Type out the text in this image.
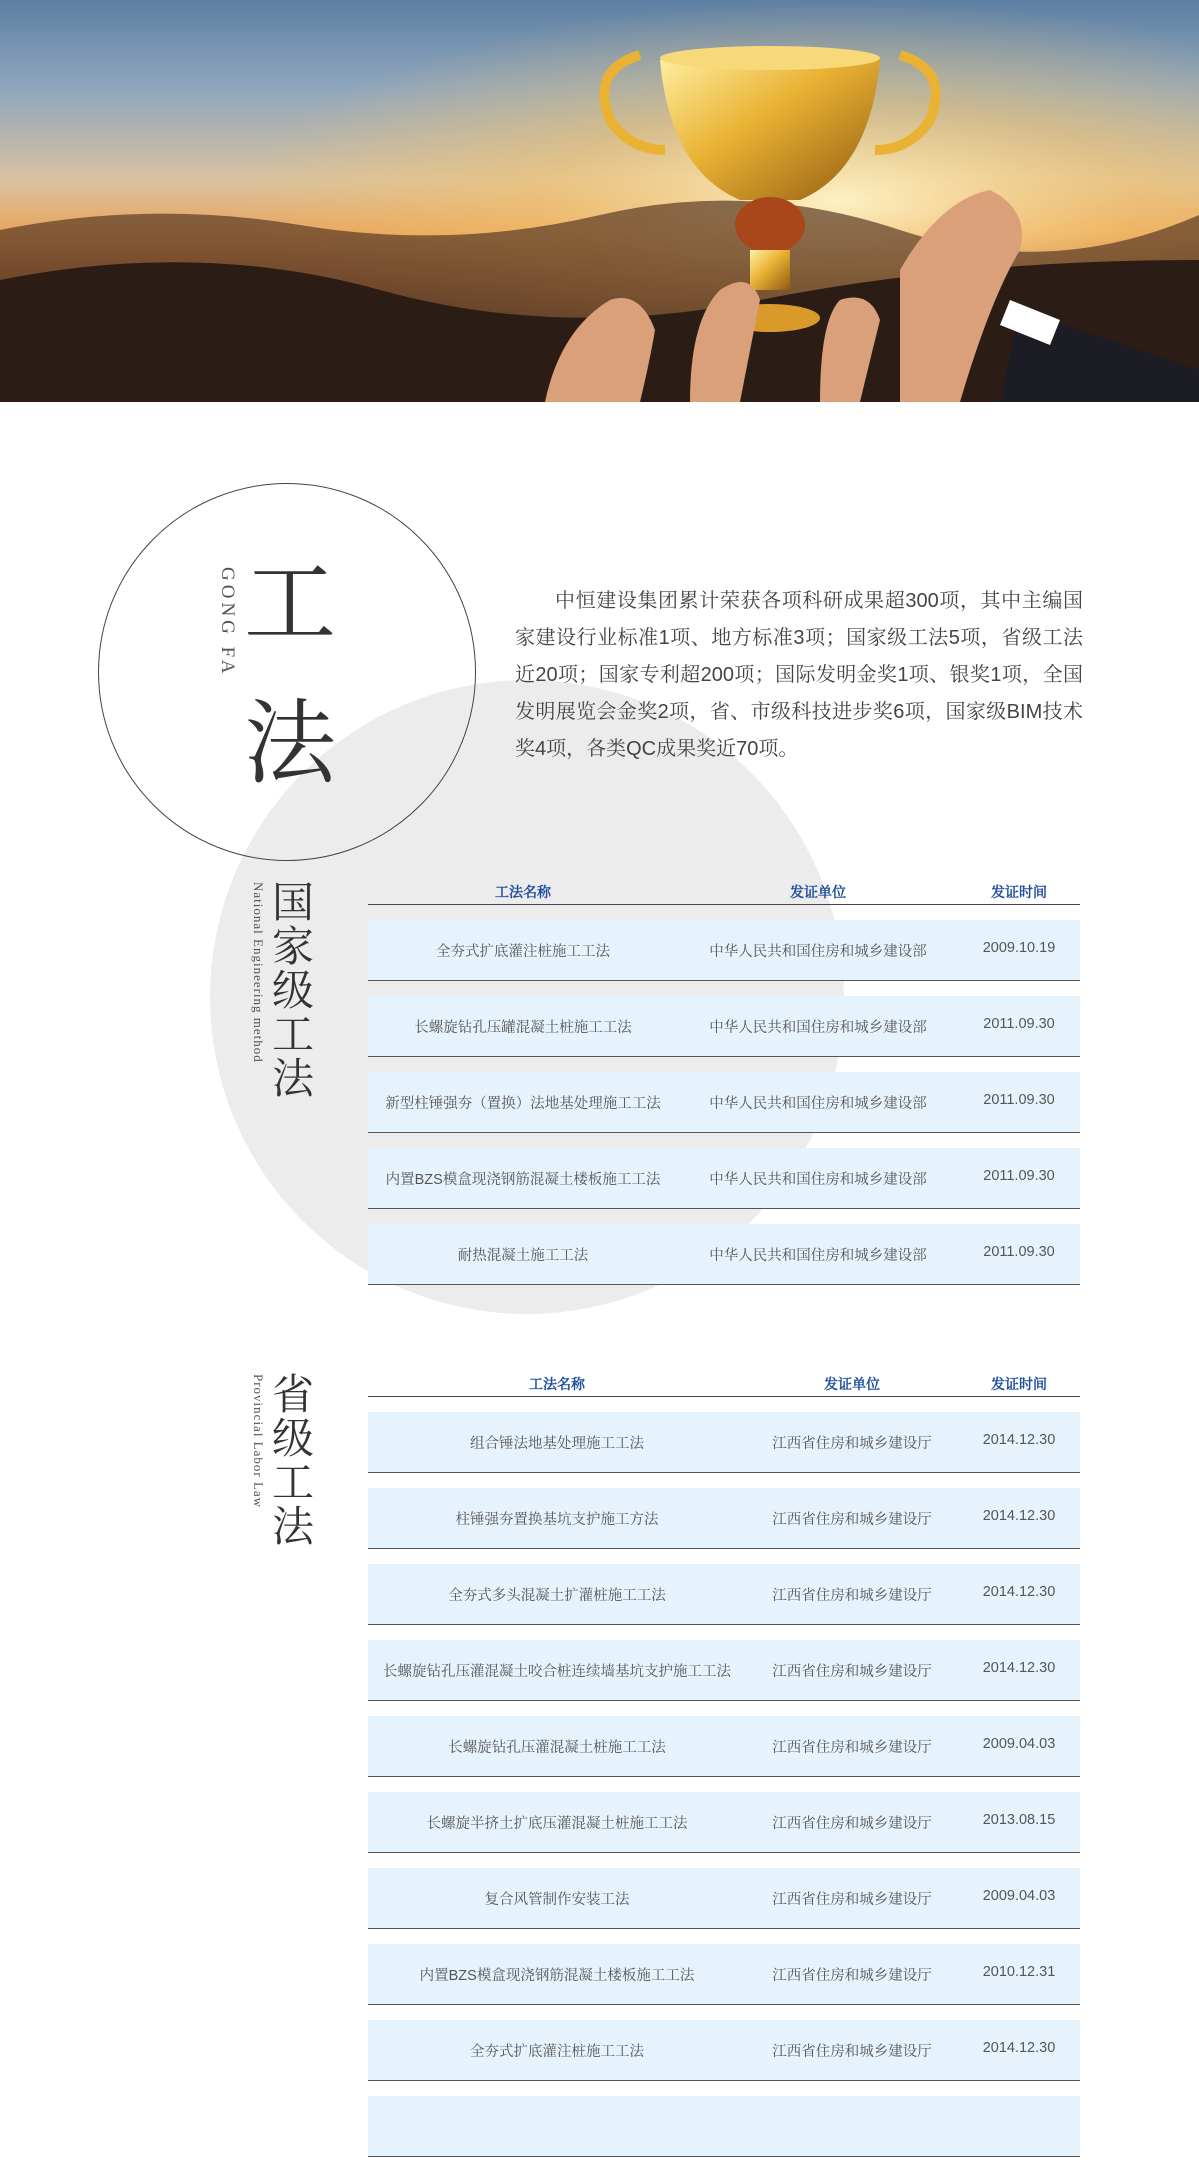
工
法
GONG FA	中恒建设集团累计荣获各项科研成果超300项，其中主编国家建设行业标准1项、地方标准3项；国家级工法5项，省级工法近20项；国家专利超200项；国际发明金奖1项、银奖1项，全国发明展览会金奖2项，省、市级科技进步奖6项，国家级BIM技术奖4项，各类QC成果奖近70项。
国家级工法
National Engineering method	工法名称	发证单位	发证时间
全夯式扩底灌注桩施工工法	中华人民共和国住房和城乡建设部	2009.10.19
长螺旋钻孔压罐混凝土桩施工工法	中华人民共和国住房和城乡建设部	2011.09.30
新型柱锤强夯（置换）法地基处理施工工法	中华人民共和国住房和城乡建设部	2011.09.30
内置BZS模盒现浇钢筋混凝土楼板施工工法	中华人民共和国住房和城乡建设部	2011.09.30
耐热混凝土施工工法	中华人民共和国住房和城乡建设部	2011.09.30
省级工法
Provincial Labor Law	工法名称	发证单位	发证时间
组合锤法地基处理施工工法	江西省住房和城乡建设厅	2014.12.30
柱锤强夯置换基坑支护施工方法	江西省住房和城乡建设厅	2014.12.30
全夯式多头混凝土扩灌桩施工工法	江西省住房和城乡建设厅	2014.12.30
长螺旋钻孔压灌混凝土咬合桩连续墙基坑支护施工工法	江西省住房和城乡建设厅	2014.12.30
长螺旋钻孔压灌混凝土桩施工工法	江西省住房和城乡建设厅	2009.04.03
长螺旋半挤土扩底压灌混凝土桩施工工法	江西省住房和城乡建设厅	2013.08.15
复合风管制作安装工法	江西省住房和城乡建设厅	2009.04.03
内置BZS模盒现浇钢筋混凝土楼板施工工法	江西省住房和城乡建设厅	2010.12.31
全夯式扩底灌注桩施工工法	江西省住房和城乡建设厅	2014.12.30
